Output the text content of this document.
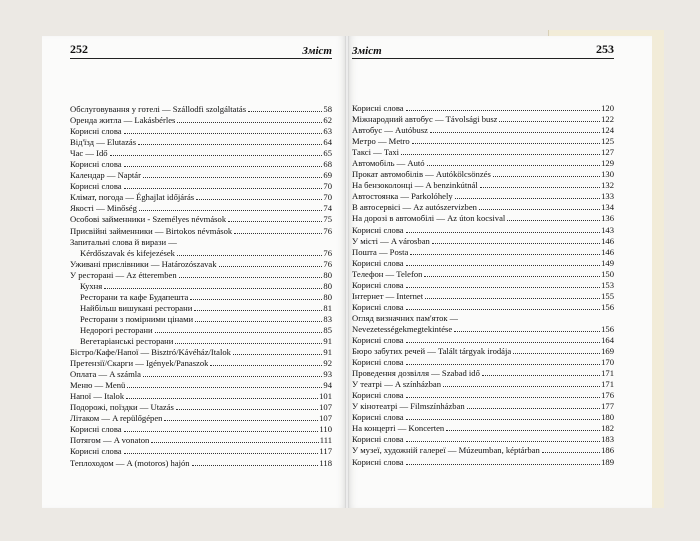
252	Зміст Зміст	253
Обслуговування у готелі — Szállodfi szolgáltatás	58
Оренда житла — Lakásbérles	62
Корисні слова	63
Від'їзд — Elutazás	64
Час — Idő	65
Корисні слова	68
Календар — Naptár	69
Корисні слова	70
Клімат, погода — Éghajlat időjárás	70
Якості — Minőség	74
Особові займенники - Személyes névmások	75
Присвійні займенники — Birtokos névmások	76
Запитальні слова й вирази —
Kérdőszavak és kifejezések	76
Уживані прислівники — Határozószavak	76
У ресторані — Az étteremben	80
Кухня	80
Ресторани та кафе Будапешта	80
Найбільш вишукані ресторани	81
Ресторани з помірними цінами	83
Недорогі ресторани	85
Вегетаріанські ресторани	91
Бістро/Кафе/Напої — Bisztró/Kávéház/Italok	91
Претензії/Скарги — Igények/Panaszok	92
Оплата — A számla	93
Меню — Menü	94
Напої — Italok	101
Подорожі, поїздки — Utazás	107
Літаком — A repülőgépen	107
Корисні слова	110
Потягом — A vonaton	111
Корисні слова	117
Теплоходом — A (motoros) hajón	118
Корисні слова	120
Міжнародний автобус — Távolsági busz	122
Автобус — Autóbusz	124
Метро — Metro	125
Таксі — Taxi	127
Автомобіль — Autó	129
Прокат автомобілів — Autókölcsönzés	130
На бензоколонці — A benzinkútnál	132
Автостоянка — Parkolóhely	133
В автосервісі — Az autószervizben	134
На дорозі в автомобілі — Az úton kocsival	136
Корисні слова	143
У місті — A városban	146
Пошта — Posta	146
Корисні слова	149
Телефон — Telefon	150
Корисні слова	153
Інтернет — Internet	155
Корисні слова	156
Огляд визначних пам'яток —
Nevezetességekmegtekintése	156
Корисні слова	164
Бюро забутих речей — Talált tárgyak irodája	169
Корисні слова	170
Проведення дозвілля — Szabad idő	171
У театрі — A színházban	171
Корисні слова	176
У кінотеатрі — Filmszínházban	177
Корисні слова	180
На концерті — Koncerten	182
Корисні слова	183
У музеї, художній галереї — Múzeumban, képtárban	186
Корисні слова	189
